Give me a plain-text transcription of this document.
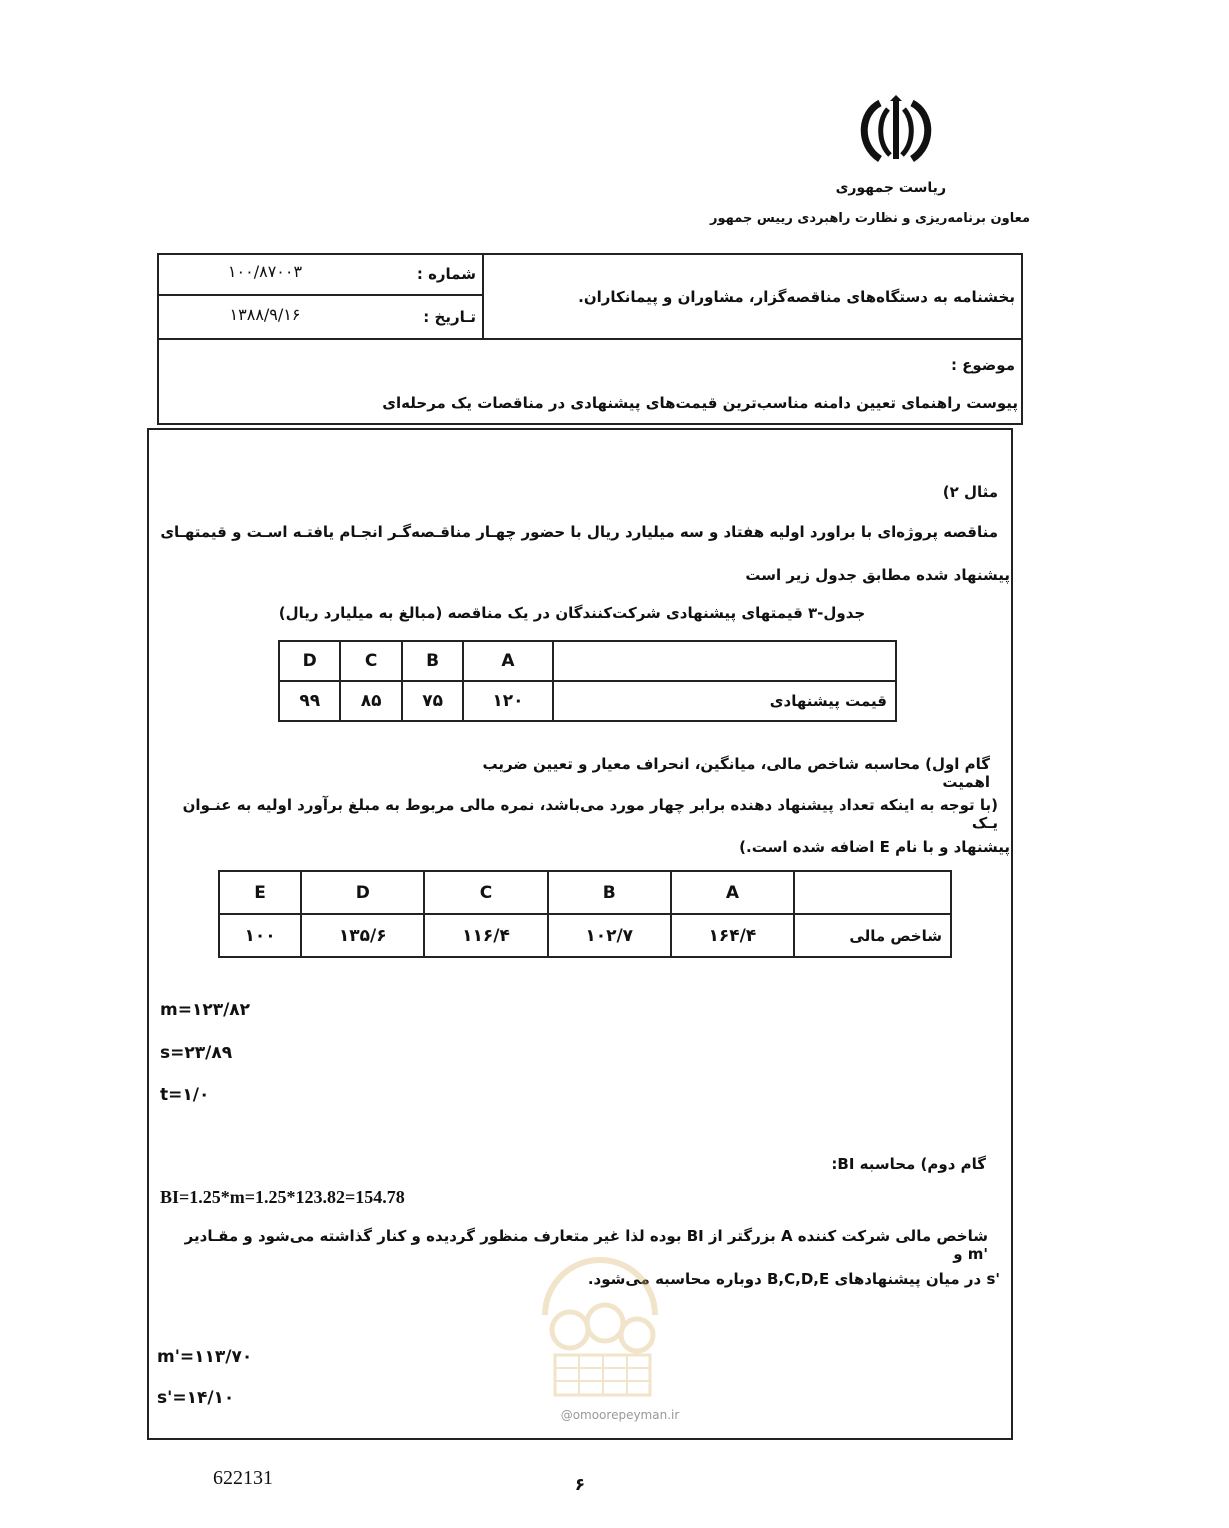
ریاست جمهوری
معاون برنامه‌ریزی و نظارت راهبردی رییس جمهور
شماره :
۱۰۰/۸۷۰۰۳
تـاریخ :
۱۳۸۸/۹/۱۶
بخشنامه به دستگاه‌های مناقصه‌گزار، مشاوران و پیمانکاران.
موضوع :
پیوست راهنمای تعیین دامنه مناسب‌ترین قیمت‌های پیشنهادی در مناقصات یک مرحله‌ای
مثال ۲)
مناقصه پروژه‌ای با براورد اولیه هفتاد و سه میلیارد ریال با حضور چهـار مناقـصه‌گـر انجـام یافتـه اسـت و قیمتهـای
پیشنهاد شده مطابق جدول زیر است
جدول-۳ قیمتهای پیشنهادی شرکت‌کنندگان در یک مناقصه (مبالغ به میلیارد ریال)
	A	B	C	D
قیمت پیشنهادی	۱۲۰	۷۵	۸۵	۹۹
گام اول) محاسبه شاخص مالی، میانگین، انحراف معیار و تعیین ضریب اهمیت
(با توجه به اینکه تعداد پیشنهاد دهنده برابر چهار مورد می‌باشد، نمره مالی مربوط به مبلغ برآورد اولیه به عنـوان یـک
پیشنهاد و با نام E اضافه شده است.)
	A	B	C	D	E
شاخص مالی	۱۶۴/۴	۱۰۲/۷	۱۱۶/۴	۱۳۵/۶	۱۰۰
m=۱۲۳/۸۲
s=۲۳/۸۹
t=۱/۰
گام دوم) محاسبه BI:
BI=1.25*m=1.25*123.82=154.78
شاخص مالی شرکت کننده A بزرگتر از BI بوده لذا غیر متعارف منظور گردیده و کنار گذاشته می‌شود و مقـادیر 'm و
's در میان پیشنهادهای B,C,D,E دوباره محاسبه می‌شود.
m'=۱۱۳/۷۰
s'=۱۴/۱۰
@omoorepeyman.ir
622131	۶
